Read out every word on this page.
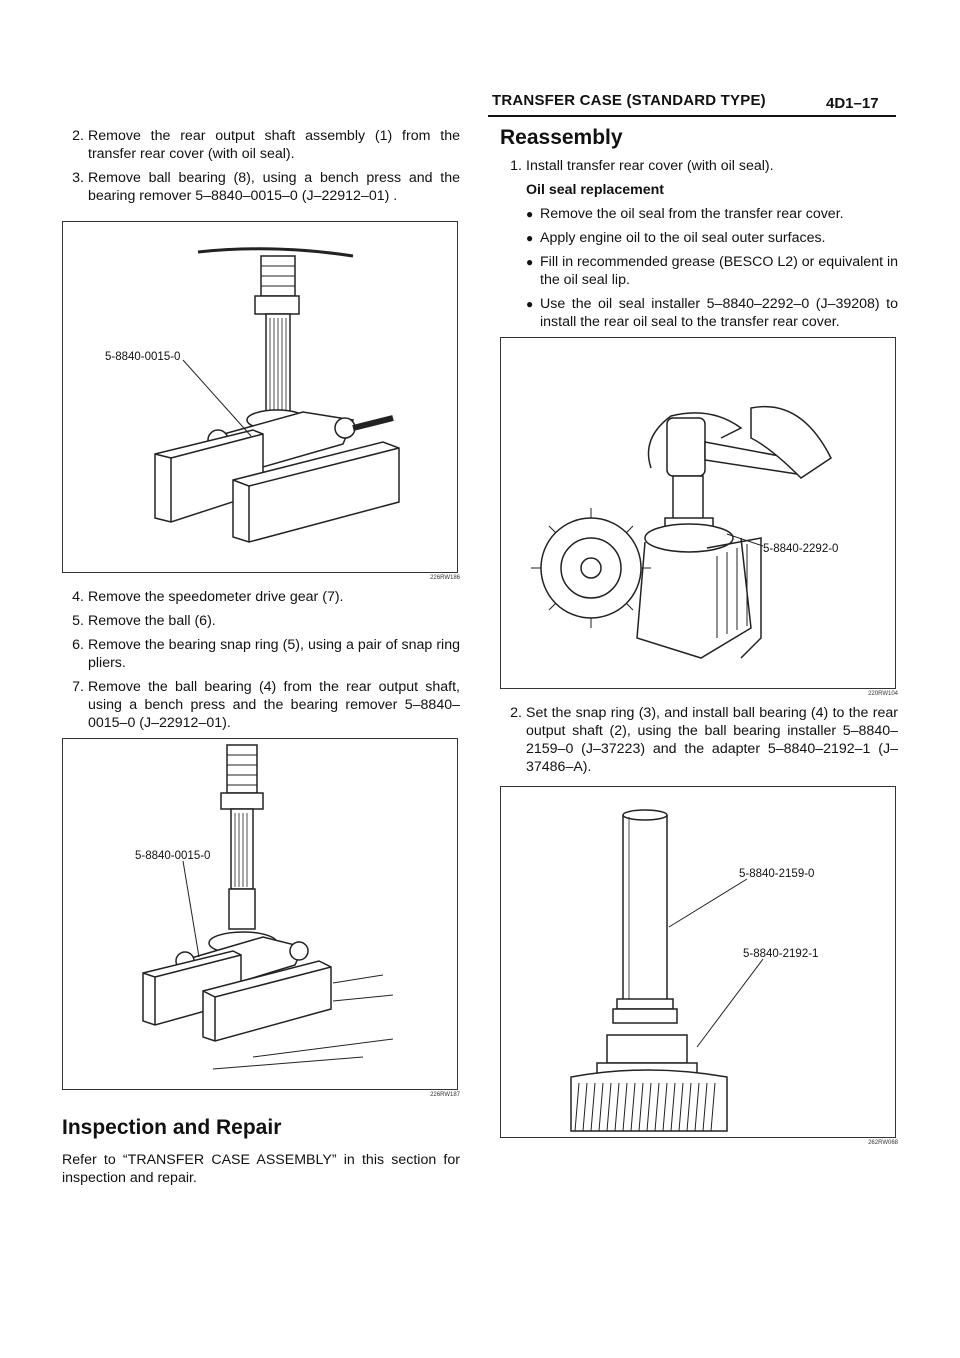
TRANSFER CASE (STANDARD TYPE)	4D1–17
2. Remove the rear output shaft assembly (1) from the transfer rear cover (with oil seal).
3. Remove ball bearing (8), using a bench press and the bearing remover 5–8840–0015–0 (J–22912–01) .
5-8840-0015-0
226RW186
4. Remove the speedometer drive gear (7).
5. Remove the ball (6).
6. Remove the bearing snap ring (5), using a pair of snap ring pliers.
7. Remove the ball bearing (4) from the rear output shaft, using a bench press and the bearing remover 5–8840–0015–0 (J–22912–01).
5-8840-0015-0
226RW187
Inspection and Repair
Refer to “TRANSFER CASE ASSEMBLY” in this section for inspection and repair.
Reassembly
1. Install transfer rear cover (with oil seal).
Oil seal replacement
● Remove the oil seal from the transfer rear cover.
● Apply engine oil to the oil seal outer surfaces.
● Fill in recommended grease (BESCO L2) or equivalent in the oil seal lip.
● Use the oil seal installer 5–8840–2292–0 (J–39208) to install the rear oil seal to the transfer rear cover.
5-8840-2292-0
220RW104
2. Set the snap ring (3), and install ball bearing (4) to the rear output shaft (2), using the ball bearing installer 5–8840–2159–0 (J–37223) and the adapter 5–8840–2192–1 (J–37486–A).
5-8840-2159-0
5-8840-2192-1
262RW068
